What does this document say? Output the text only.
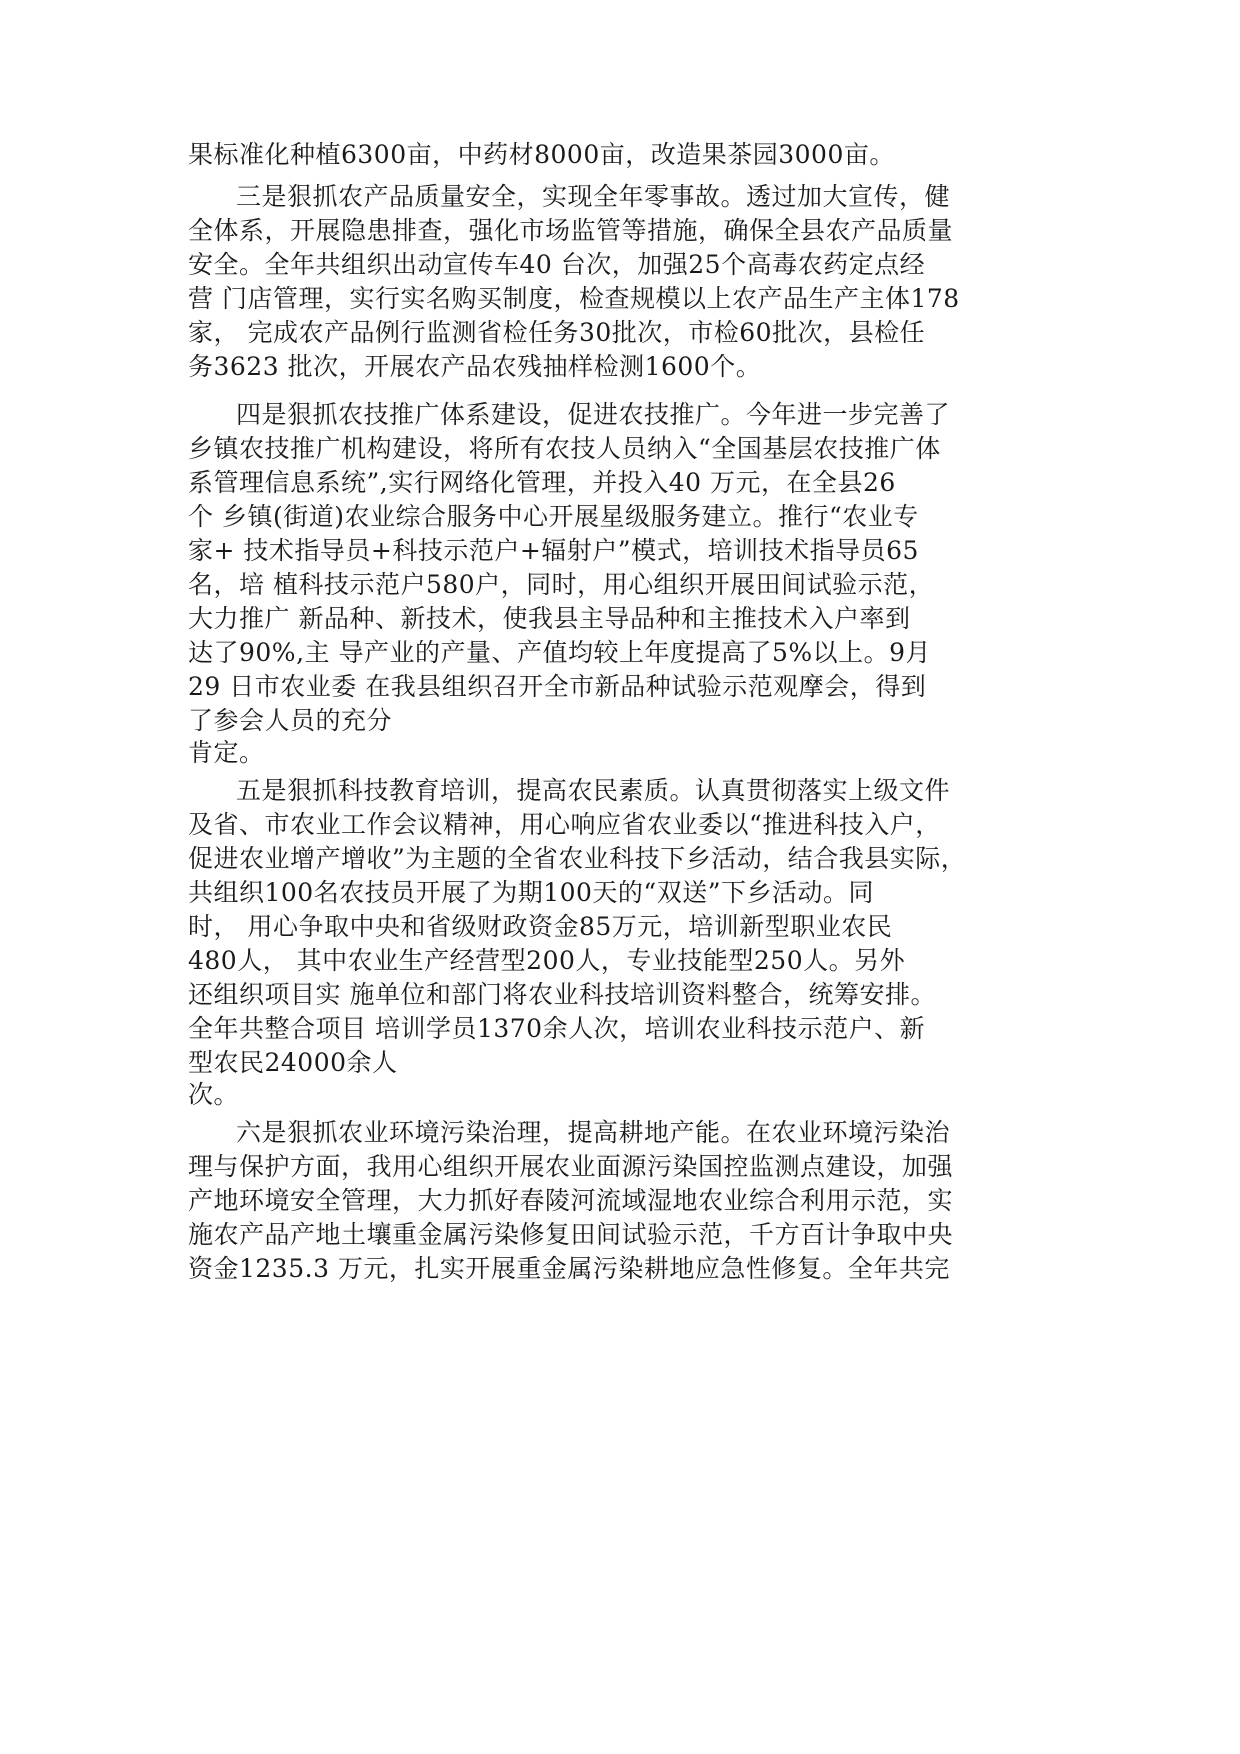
果标准化种植6300亩，中药材8000亩，改造果茶园3000亩。

三是狠抓农产品质量安全，实现全年零事故。透过加大宣传，健

全体系，开展隐患排查，强化市场监管等措施，确保全县农产品质量

安全。全年共组织出动宣传车40 台次，加强25个高毒农药定点经

营 门店管理，实行实名购买制度，检查规模以上农产品生产主体178

家， 完成农产品例行监测省检任务30批次，市检60批次，县检任

务3623 批次，开展农产品农残抽样检测1600个。

四是狠抓农技推广体系建设，促进农技推广。今年进一步完善了

乡镇农技推广机构建设，将所有农技人员纳入“全国基层农技推广体

系管理信息系统”,实行网络化管理，并投入40 万元，在全县26

个 乡镇(街道)农业综合服务中心开展星级服务建立。推行“农业专

家+ 技术指导员+科技示范户+辐射户”模式，培训技术指导员65

名，培 植科技示范户580户，同时，用心组织开展田间试验示范，

大力推广 新品种、新技术，使我县主导品种和主推技术入户率到

达了90%,主 导产业的产量、产值均较上年度提高了5%以上。9月

29 日市农业委 在我县组织召开全市新品种试验示范观摩会，得到

了参会人员的充分

肯定。

五是狠抓科技教育培训，提高农民素质。认真贯彻落实上级文件

及省、市农业工作会议精神，用心响应省农业委以“推进科技入户，

促进农业增产增收”为主题的全省农业科技下乡活动，结合我县实际，

共组织100名农技员开展了为期100天的“双送”下乡活动。同

时， 用心争取中央和省级财政资金85万元，培训新型职业农民

480人， 其中农业生产经营型200人，专业技能型250人。另外

还组织项目实 施单位和部门将农业科技培训资料整合，统筹安排。

全年共整合项目 培训学员1370余人次，培训农业科技示范户、新

型农民24000余人

次。

六是狠抓农业环境污染治理，提高耕地产能。在农业环境污染治

理与保护方面，我用心组织开展农业面源污染国控监测点建设，加强

产地环境安全管理，大力抓好春陵河流域湿地农业综合利用示范，实

施农产品产地土壤重金属污染修复田间试验示范，千方百计争取中央

资金1235.3 万元，扎实开展重金属污染耕地应急性修复。全年共完
